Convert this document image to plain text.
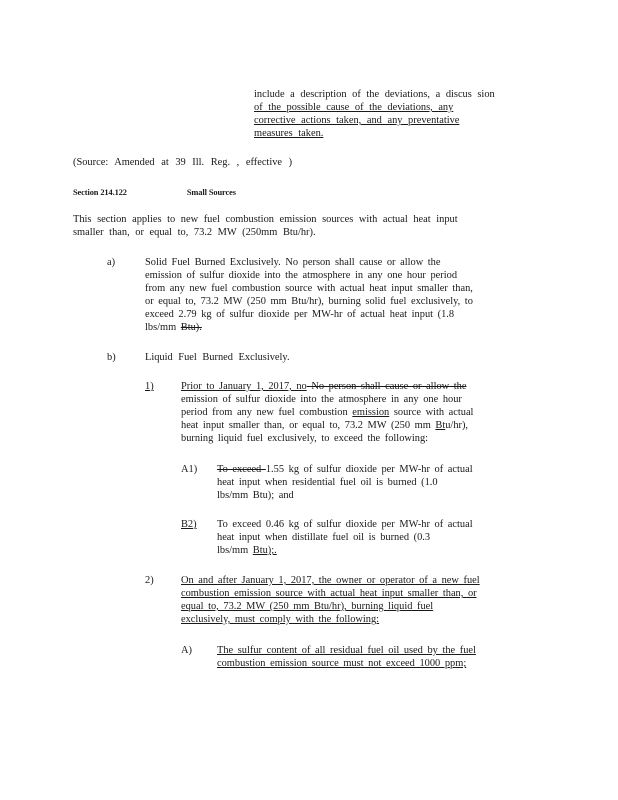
include a description of the deviations, a discus sion
of the possible cause of the deviations, any
corrective actions taken, and any preventative
measures taken.
(Source: Amended at 39 Ill. Reg. , effective )
Section 214.122	Small Sources
This section applies to new fuel combustion emission sources with actual heat input
smaller than, or equal to, 73.2 MW (250mm Btu/hr).
a)	Solid Fuel Burned Exclusively. No person shall cause or allow the
emission of sulfur dioxide into the atmosphere in any one hour period
from any new fuel combustion source with actual heat input smaller than,
or equal to, 73.2 MW (250 mm Btu/hr), burning solid fuel exclusively, to
exceed 2.79 kg of sulfur dioxide per MW-hr of actual heat input (1.8
lbs/mm Btu).
b)	Liquid Fuel Burned Exclusively.
1)	Prior to January 1, 2017, no No person shall cause or allow the
emission of sulfur dioxide into the atmosphere in any one hour
period from any new fuel combustion emission source with actual
heat input smaller than, or equal to, 73.2 MW (250 mm Btu/hr),
burning liquid fuel exclusively, to exceed the following:
A1) To exceed 1.55 kg of sulfur dioxide per MW-hr of actual
heat input when residential fuel oil is burned (1.0
lbs/mm Btu); and
B2) To exceed 0.46 kg of sulfur dioxide per MW-hr of actual
heat input when distillate fuel oil is burned (0.3
lbs/mm Btu);.
2)	On and after January 1, 2017, the owner or operator of a new fuel
combustion emission source with actual heat input smaller than, or
equal to, 73.2 MW (250 mm Btu/hr), burning liquid fuel
exclusively, must comply with the following:
A) The sulfur content of all residual fuel oil used by the fuel
combustion emission source must not exceed 1000 ppm;
